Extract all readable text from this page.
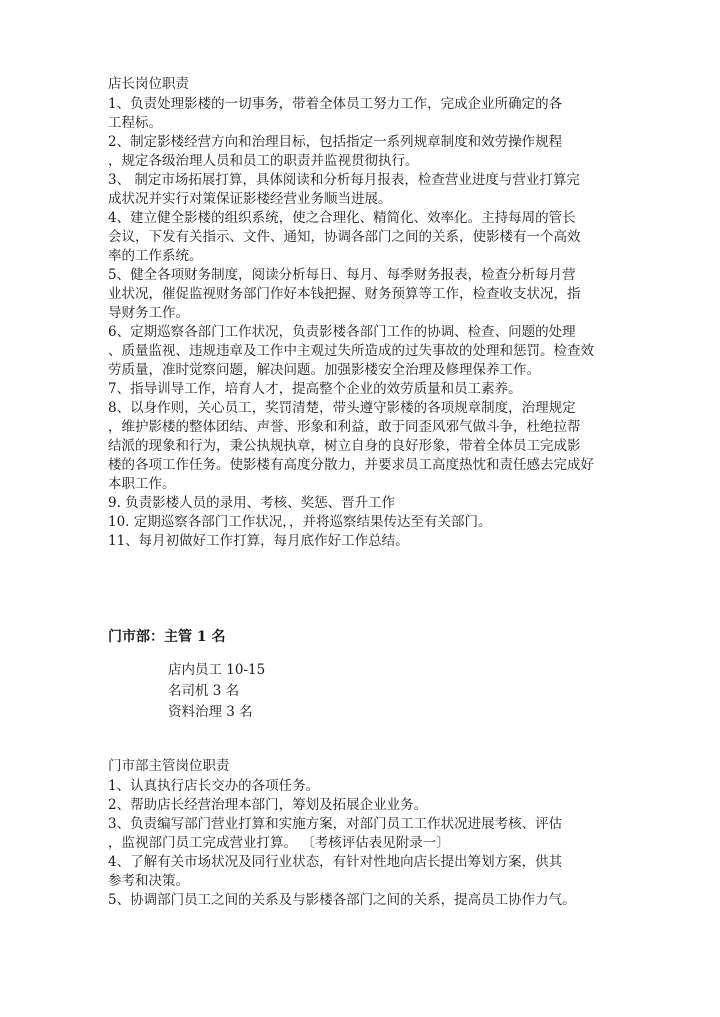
店长岗位职责
1、负责处理影楼的一切事务，带着全体员工努力工作，完成企业所确定的各
工程标。
2、制定影楼经营方向和治理目标，包括指定一系列规章制度和效劳操作规程
，规定各级治理人员和员工的职责并监视贯彻执行。
3、 制定市场拓展打算，具体阅读和分析每月报表，检查营业进度与营业打算完
成状况并实行对策保证影楼经营业务顺当进展。
4、建立健全影楼的组织系统，使之合理化、精简化、效率化。主持每周的管长
会议，下发有关指示、文件、通知，协调各部门之间的关系，使影楼有一个高效
率的工作系统。
5、健全各项财务制度，阅读分析每日、每月、每季财务报表，检查分析每月营
业状况，催促监视财务部门作好本钱把握、财务预算等工作，检查收支状况，指
导财务工作。
6、定期巡察各部门工作状况，负责影楼各部门工作的协调、检查、问题的处理
、质量监视、违规违章及工作中主观过失所造成的过失事故的处理和惩罚。检查效
劳质量，准时觉察问题，解决问题。加强影楼安全治理及修理保养工作。
7、指导训导工作，培育人才，提高整个企业的效劳质量和员工素养。
8、以身作则，关心员工，奖罚清楚，带头遵守影楼的各项规章制度，治理规定
，维护影楼的整体团结、声誉、形象和利益，敢于同歪风邪气做斗争，杜绝拉帮
结派的现象和行为，秉公执规执章，树立自身的良好形象，带着全体员工完成影
楼的各项工作任务。使影楼有高度分散力，并要求员工高度热忱和责任感去完成好
本职工作。
9. 负责影楼人员的录用、考核、奖惩、晋升工作
10. 定期巡察各部门工作状况，，并将巡察结果传达至有关部门。
11、每月初做好工作打算，每月底作好工作总结。
门市部：主管 1 名
店内员工 10-15
名司机 3 名
资料治理 3 名
门市部主管岗位职责
1、认真执行店长交办的各项任务。
2、帮助店长经营治理本部门，筹划及拓展企业业务。
3、负责编写部门营业打算和实施方案，对部门员工工作状况进展考核、评估
，监视部门员工完成营业打算。 〔考核评估表见附录一〕
4、了解有关市场状况及同行业状态，有针对性地向店长提出筹划方案，供其
参考和决策。
5、协调部门员工之间的关系及与影楼各部门之间的关系，提高员工协作力气。
